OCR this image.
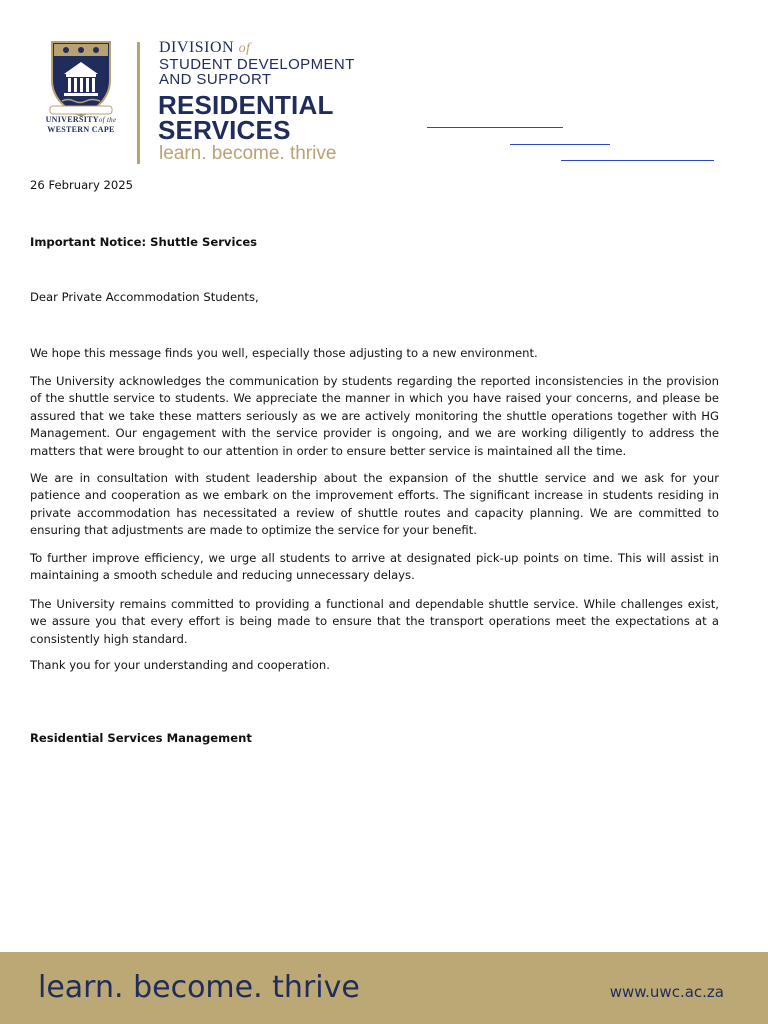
UNIVERSITYof the
WESTERN CAPE
DIVISION of
STUDENT DEVELOPMENT
AND SUPPORT
RESIDENTIAL
SERVICES
learn. become. thrive
26 February 2025
Important Notice: Shuttle Services
Dear Private Accommodation Students,

We hope this message finds you well, especially those adjusting to a new environment.

The University acknowledges the communication by students regarding the reported inconsistencies in the provision of the shuttle service to students. We appreciate the manner in which you have raised your concerns, and please be assured that we take these matters seriously as we are actively monitoring the shuttle operations together with HG Management. Our engagement with the service provider is ongoing, and we are working diligently to address the matters that were brought to our attention in order to ensure better service is maintained all the time.

We are in consultation with student leadership about the expansion of the shuttle service and we ask for your patience and cooperation as we embark on the improvement efforts. The significant increase in students residing in private accommodation has necessitated a review of shuttle routes and capacity planning. We are committed to ensuring that adjustments are made to optimize the service for your benefit.

To further improve efficiency, we urge all students to arrive at designated pick-up points on time. This will assist in maintaining a smooth schedule and reducing unnecessary delays.

The University remains committed to providing a functional and dependable shuttle service. While challenges exist, we assure you that every effort is being made to ensure that the transport operations meet the expectations at a consistently high standard.

Thank you for your understanding and cooperation.

Residential Services Management
learn. become. thrive	www.uwc.ac.za
